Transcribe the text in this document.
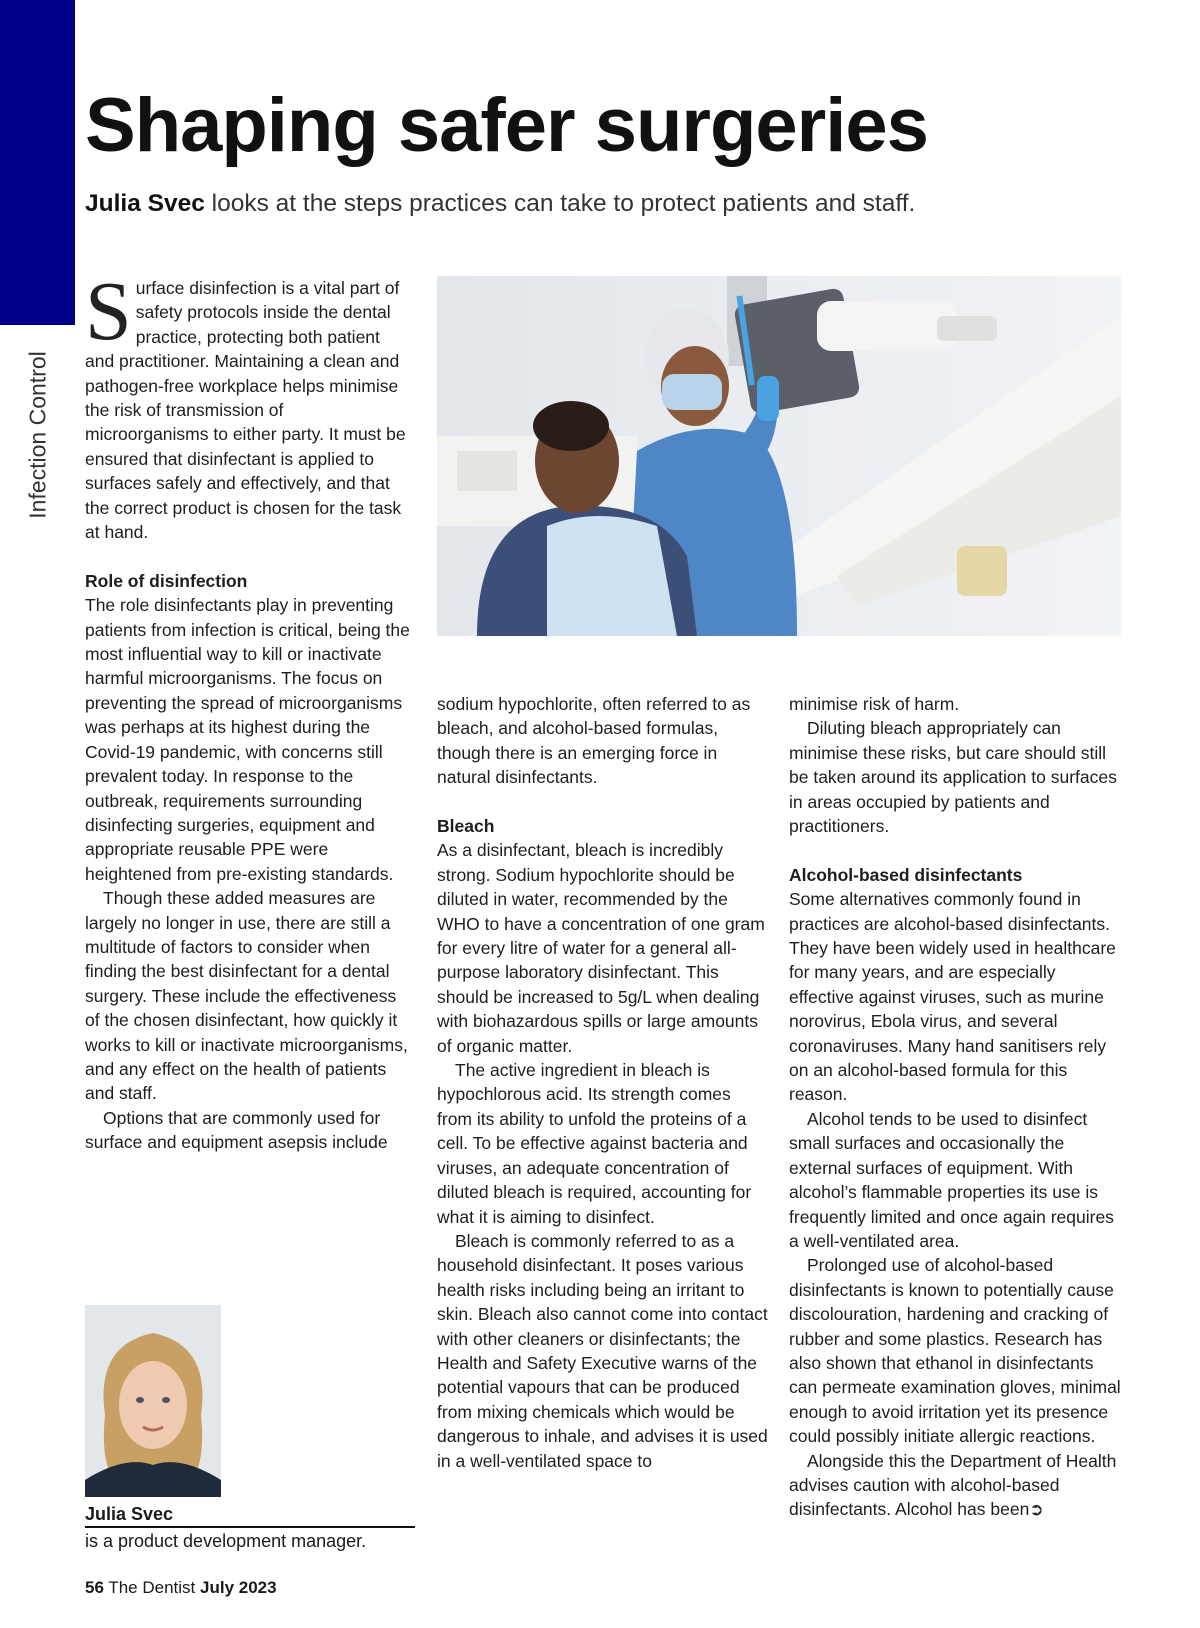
Infection Control
Shaping safer surgeries

Julia Svec looks at the steps practices can take to protect patients and staff.

Surface disinfection is a vital part of safety protocols inside the dental practice, protecting both patient and practitioner. Maintaining a clean and pathogen-free workplace helps minimise the risk of transmission of microorganisms to either party. It must be ensured that disinfectant is applied to surfaces safely and effectively, and that the correct product is chosen for the task at hand.

Role of disinfection

The role disinfectants play in preventing patients from infection is critical, being the most influential way to kill or inactivate harmful microorganisms. The focus on preventing the spread of microorganisms was perhaps at its highest during the Covid-19 pandemic, with concerns still prevalent today. In response to the outbreak, requirements surrounding disinfecting surgeries, equipment and appropriate reusable PPE were heightened from pre-existing standards.

Though these added measures are largely no longer in use, there are still a multitude of factors to consider when finding the best disinfectant for a dental surgery. These include the effectiveness of the chosen disinfectant, how quickly it works to kill or inactivate microorganisms, and any effect on the health of patients and staff.

Options that are commonly used for surface and equipment asepsis include

sodium hypochlorite, often referred to as bleach, and alcohol-based formulas, though there is an emerging force in natural disinfectants.

Bleach

As a disinfectant, bleach is incredibly strong. Sodium hypochlorite should be diluted in water, recommended by the WHO to have a concentration of one gram for every litre of water for a general all-purpose laboratory disinfectant. This should be increased to 5g/L when dealing with biohazardous spills or large amounts of organic matter.

The active ingredient in bleach is hypochlorous acid. Its strength comes from its ability to unfold the proteins of a cell. To be effective against bacteria and viruses, an adequate concentration of diluted bleach is required, accounting for what it is aiming to disinfect.

Bleach is commonly referred to as a household disinfectant. It poses various health risks including being an irritant to skin. Bleach also cannot come into contact with other cleaners or disinfectants; the Health and Safety Executive warns of the potential vapours that can be produced from mixing chemicals which would be dangerous to inhale, and advises it is used in a well-ventilated space to

minimise risk of harm.

Diluting bleach appropriately can minimise these risks, but care should still be taken around its application to surfaces in areas occupied by patients and practitioners.

Alcohol-based disinfectants

Some alternatives commonly found in practices are alcohol-based disinfectants. They have been widely used in healthcare for many years, and are especially effective against viruses, such as murine norovirus, Ebola virus, and several coronaviruses. Many hand sanitisers rely on an alcohol-based formula for this reason.

Alcohol tends to be used to disinfect small surfaces and occasionally the external surfaces of equipment. With alcohol’s flammable properties its use is frequently limited and once again requires a well-ventilated area.

Prolonged use of alcohol-based disinfectants is known to potentially cause discolouration, hardening and cracking of rubber and some plastics. Research has also shown that ethanol in disinfectants can permeate examination gloves, minimal enough to avoid irritation yet its presence could possibly initiate allergic reactions.

Alongside this the Department of Health advises caution with alcohol-based disinfectants. Alcohol has been➲

Julia Svec
is a product development manager.
56 The Dentist July 2023
